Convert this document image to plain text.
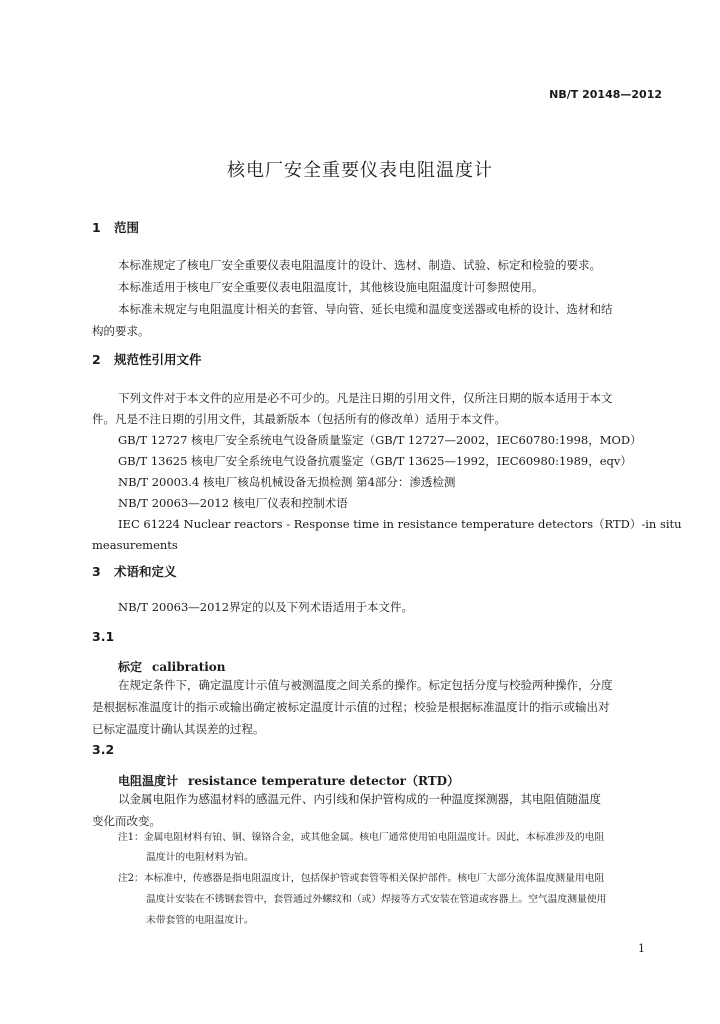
NB/T 20148—2012
核电厂安全重要仪表电阻温度计
1 范围
本标准规定了核电厂安全重要仪表电阻温度计的设计、选材、制造、试验、标定和检验的要求。
本标准适用于核电厂安全重要仪表电阻温度计，其他核设施电阻温度计可参照使用。
本标准未规定与电阻温度计相关的套管、导向管、延长电缆和温度变送器或电桥的设计、选材和结
构的要求。
2 规范性引用文件
下列文件对于本文件的应用是必不可少的。凡是注日期的引用文件，仅所注日期的版本适用于本文
件。凡是不注日期的引用文件，其最新版本（包括所有的修改单）适用于本文件。
GB/T 12727 核电厂安全系统电气设备质量鉴定（GB/T 12727—2002，IEC60780:1998，MOD）
GB/T 13625 核电厂安全系统电气设备抗震鉴定（GB/T 13625—1992，IEC60980:1989，eqv）
NB/T 20003.4 核电厂核岛机械设备无损检测 第4部分：渗透检测
NB/T 20063—2012 核电厂仪表和控制术语
IEC 61224 Nuclear reactors - Response time in resistance temperature detectors（RTD）-in situ
measurements
3 术语和定义
NB/T 20063—2012界定的以及下列术语适用于本文件。
3.1
标定 calibration
在规定条件下，确定温度计示值与被测温度之间关系的操作。标定包括分度与校验两种操作，分度
是根据标准温度计的指示或输出确定被标定温度计示值的过程；校验是根据标准温度计的指示或输出对
已标定温度计确认其误差的过程。
3.2
电阻温度计 resistance temperature detector（RTD）
以金属电阻作为感温材料的感温元件、内引线和保护管构成的一种温度探测器，其电阻值随温度
变化而改变。
注1：金属电阻材料有铂、铜、镍铬合金，或其他金属。核电厂通常使用铂电阻温度计。因此，本标准涉及的电阻
温度计的电阻材料为铂。
注2：本标准中，传感器是指电阻温度计，包括保护管或套管等相关保护部件。核电厂大部分流体温度测量用电阻
温度计安装在不锈钢套管中，套管通过外螺纹和（或）焊接等方式安装在管道或容器上。空气温度测量使用
未带套管的电阻温度计。
1
